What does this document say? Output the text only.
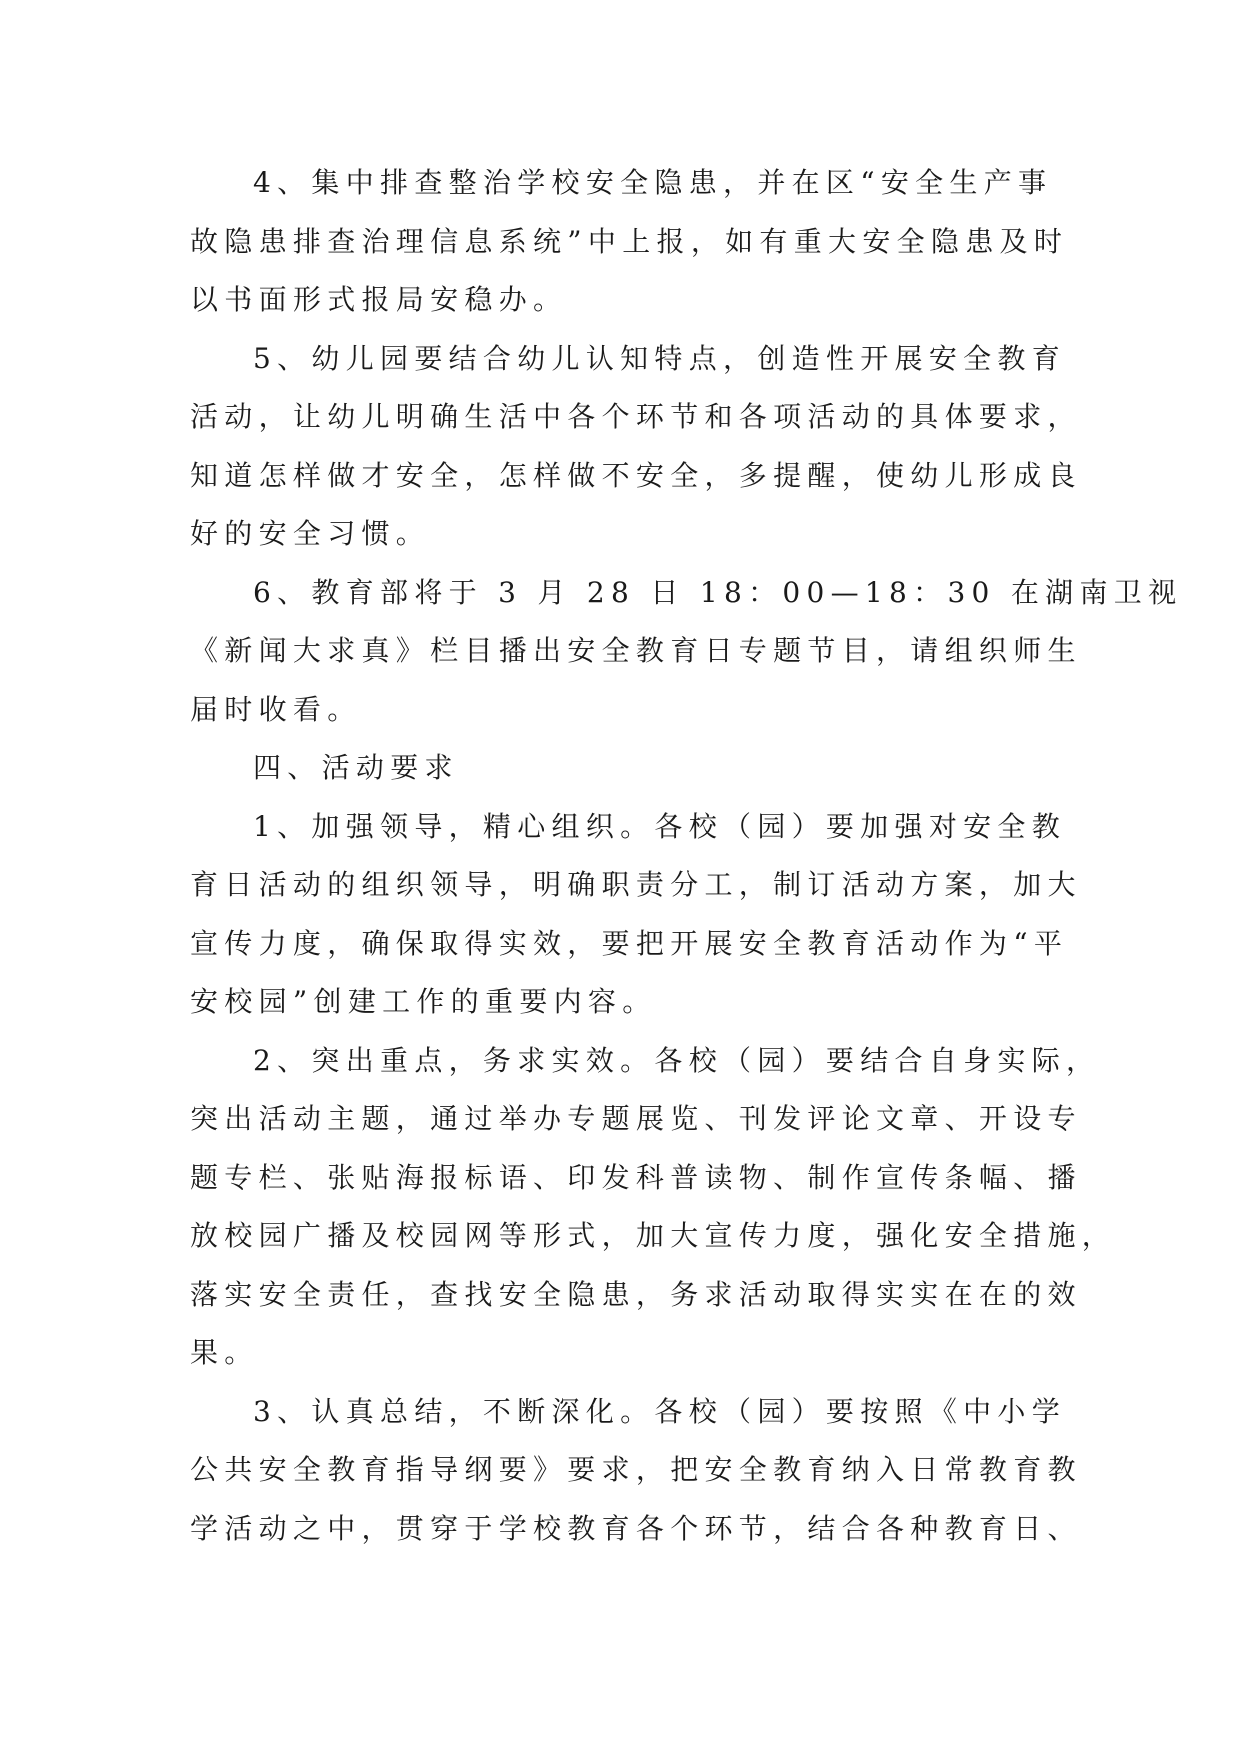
4、集中排查整治学校安全隐患，并在区“安全生产事
故隐患排查治理信息系统”中上报，如有重大安全隐患及时
以书面形式报局安稳办。
5、幼儿园要结合幼儿认知特点，创造性开展安全教育
活动，让幼儿明确生活中各个环节和各项活动的具体要求，
知道怎样做才安全，怎样做不安全，多提醒，使幼儿形成良
好的安全习惯。
6、教育部将于 3 月 28 日 18：00—18：30 在湖南卫视
《新闻大求真》栏目播出安全教育日专题节目，请组织师生
届时收看。
四、活动要求
1、加强领导，精心组织。各校（园）要加强对安全教
育日活动的组织领导，明确职责分工，制订活动方案，加大
宣传力度，确保取得实效，要把开展安全教育活动作为“平
安校园”创建工作的重要内容。
2、突出重点，务求实效。各校（园）要结合自身实际，
突出活动主题，通过举办专题展览、刊发评论文章、开设专
题专栏、张贴海报标语、印发科普读物、制作宣传条幅、播
放校园广播及校园网等形式，加大宣传力度，强化安全措施，
落实安全责任，查找安全隐患，务求活动取得实实在在的效
果。
3、认真总结，不断深化。各校（园）要按照《中小学
公共安全教育指导纲要》要求，把安全教育纳入日常教育教
学活动之中，贯穿于学校教育各个环节，结合各种教育日、
